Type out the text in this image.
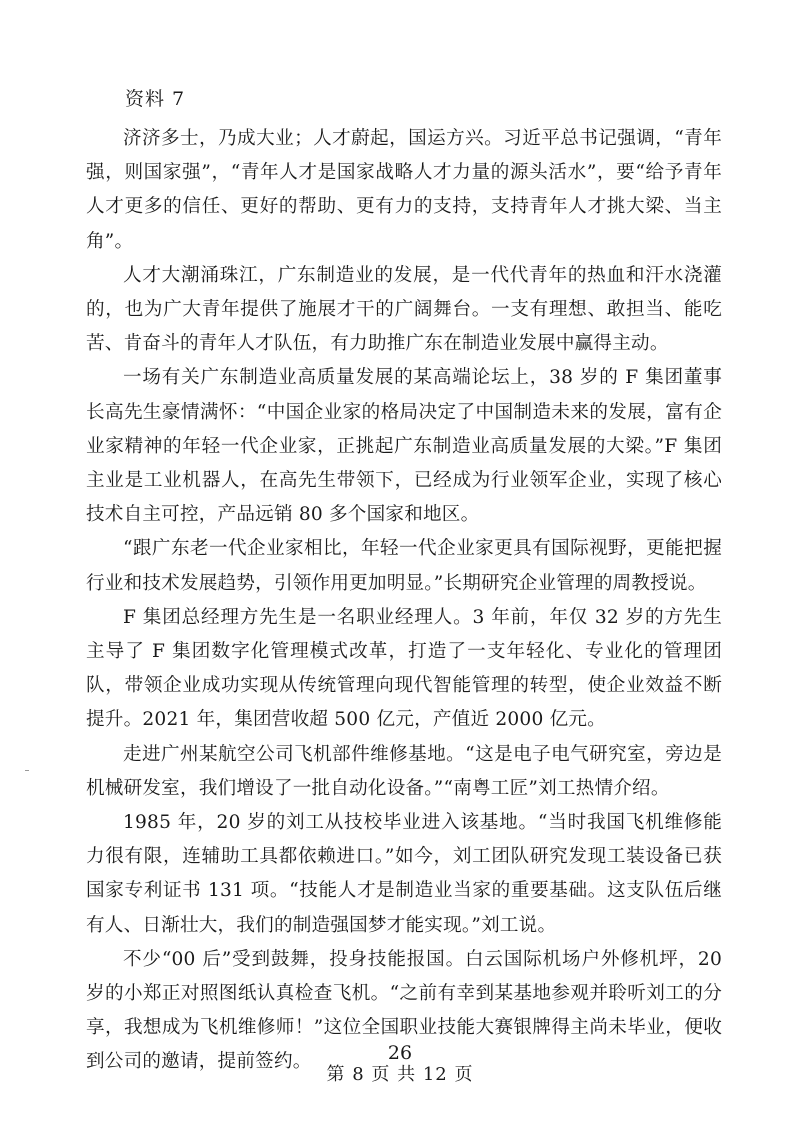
资料 7

济济多士，乃成大业；人才蔚起，国运方兴。习近平总书记强调，“青年强，则国家强”，“青年人才是国家战略人才力量的源头活水”，要“给予青年人才更多的信任、更好的帮助、更有力的支持，支持青年人才挑大梁、当主角”。

人才大潮涌珠江，广东制造业的发展，是一代代青年的热血和汗水浇灌的，也为广大青年提供了施展才干的广阔舞台。一支有理想、敢担当、能吃苦、肯奋斗的青年人才队伍，有力助推广东在制造业发展中赢得主动。

一场有关广东制造业高质量发展的某高端论坛上，38 岁的 F 集团董事长高先生豪情满怀：“中国企业家的格局决定了中国制造未来的发展，富有企业家精神的年轻一代企业家，正挑起广东制造业高质量发展的大梁。”F 集团主业是工业机器人，在高先生带领下，已经成为行业领军企业，实现了核心技术自主可控，产品远销 80 多个国家和地区。

“跟广东老一代企业家相比，年轻一代企业家更具有国际视野，更能把握行业和技术发展趋势，引领作用更加明显。”长期研究企业管理的周教授说。

F 集团总经理方先生是一名职业经理人。3 年前，年仅 32 岁的方先生主导了 F 集团数字化管理模式改革，打造了一支年轻化、专业化的管理团队，带领企业成功实现从传统管理向现代智能管理的转型，使企业效益不断提升。2021 年，集团营收超 500 亿元，产值近 2000 亿元。

走进广州某航空公司飞机部件维修基地。“这是电子电气研究室，旁边是机械研发室，我们增设了一批自动化设备。”“南粤工匠”刘工热情介绍。

1985 年，20 岁的刘工从技校毕业进入该基地。“当时我国飞机维修能力很有限，连辅助工具都依赖进口。”如今，刘工团队研究发现工装设备已获国家专利证书 131 项。“技能人才是制造业当家的重要基础。这支队伍后继有人、日渐壮大，我们的制造强国梦才能实现。”刘工说。

不少“00 后”受到鼓舞，投身技能报国。白云国际机场户外修机坪，20 岁的小郑正对照图纸认真检查飞机。“之前有幸到某基地参观并聆听刘工的分享，我想成为飞机维修师！”这位全国职业技能大赛银牌得主尚未毕业，便收到公司的邀请，提前签约。	26
第 8 页 共 12 页
